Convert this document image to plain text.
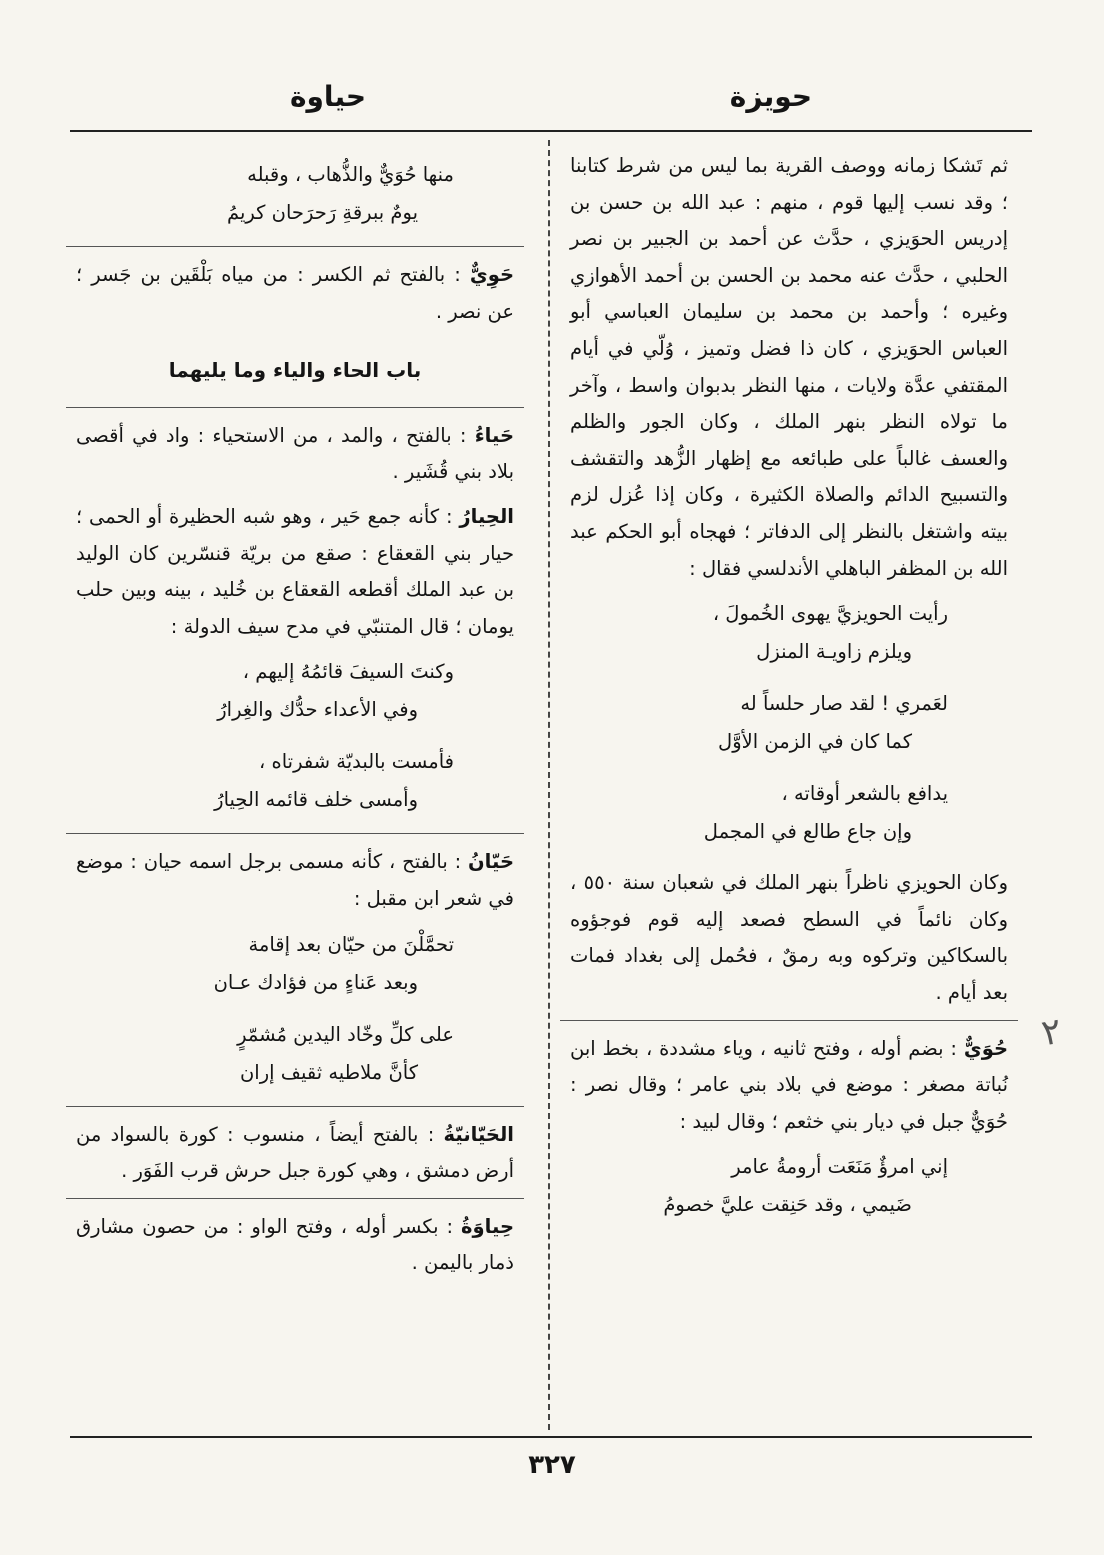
حويزة
حياوة

ثم تَشكا زمانه ووصف القرية بما ليس من شرط كتابنا ؛ وقد نسب إليها قوم ، منهم : عبد الله بن حسن بن إدريس الحوَيزي ، حدَّث عن أحمد بن الجبير بن نصر الحلبي ، حدَّث عنه محمد بن الحسن بن أحمد الأهوازي وغيره ؛ وأحمد بن محمد بن سليمان العباسي أبو العباس الحوَيزي ، كان ذا فضل وتميز ، وُلّي في أيام المقتفي عدَّة ولايات ، منها النظر بدبوان واسط ، وآخر ما تولاه النظر بنهر الملك ، وكان الجور والظلم والعسف غالباً على طبائعه مع إظهار الزُّهد والتقشف والتسبيح الدائم والصلاة الكثيرة ، وكان إذا عُزل لزم بيته واشتغل بالنظر إلى الدفاتر ؛ فهجاه أبو الحكم عبد الله بن المظفر الباهلي الأندلسي فقال :

رأيت الحويزيَّ يهوى الخُمولَ ،
ويلزم زاويـة المنزل
لعَمري ! لقد صار حلساً له
كما كان في الزمن الأوَّل
يدافع بالشعر أوقاته ،
وإن جاع طالع في المجمل

وكان الحويزي ناظراً بنهر الملك في شعبان سنة ٥٥٠ ، وكان نائماً في السطح فصعد إليه قوم فوجؤوه بالسكاكين وتركوه وبه رمقٌ ، فحُمل إلى بغداد فمات بعد أيام .

حُوَيٌّ : بضم أوله ، وفتح ثانيه ، وياء مشددة ، بخط ابن نُباتة مصغر : موضع في بلاد بني عامر ؛ وقال نصر : حُوَيٌّ جبل في ديار بني خثعم ؛ وقال لبيد :

إني امرؤٌ مَنَعَت أرومةُ عامر
ضَيمي ، وقد حَنِقت عليَّ خصومُ
منها حُوَيٌّ والذُّهاب ، وقبله
يومٌ ببرقةِ رَحرَحان كريمُ

حَوِيٌّ : بالفتح ثم الكسر : من مياه بَلْقَين بن جَسر ؛ عن نصر .

باب الحاء والياء وما يليهما

حَياءُ : بالفتح ، والمد ، من الاستحياء : واد في أقصى بلاد بني قُشَير .

الحِيارُ : كأنه جمع حَير ، وهو شبه الحظيرة أو الحمى ؛ حيار بني القعقاع : صقع من بريّة قنسّرين كان الوليد بن عبد الملك أقطعه القعقاع بن خُليد ، بينه وبين حلب يومان ؛ قال المتنبّي في مدح سيف الدولة :

وكنتَ السيفَ قائمُهُ إليهم ،
وفي الأعداء حدُّك والغِرارُ
فأمست بالبديّة شفرتاه ،
وأمسى خلف قائمه الحِيارُ

حَيّانُ : بالفتح ، كأنه مسمى برجل اسمه حيان : موضع في شعر ابن مقبل :

تحمَّلْنَ من حيّان بعد إقامة
وبعد عَناءٍ من فؤادك عـان
على كلِّ وخّاد اليدين مُشمّرٍ
كأنَّ ملاطيه ثقيف إران

الحَيّانيّةُ : بالفتح أيضاً ، منسوب : كورة بالسواد من أرض دمشق ، وهي كورة جبل حرش قرب الفَوَر .

حِياوَةُ : بكسر أوله ، وفتح الواو : من حصون مشارق ذمار باليمن .

٢
٣٢٧
